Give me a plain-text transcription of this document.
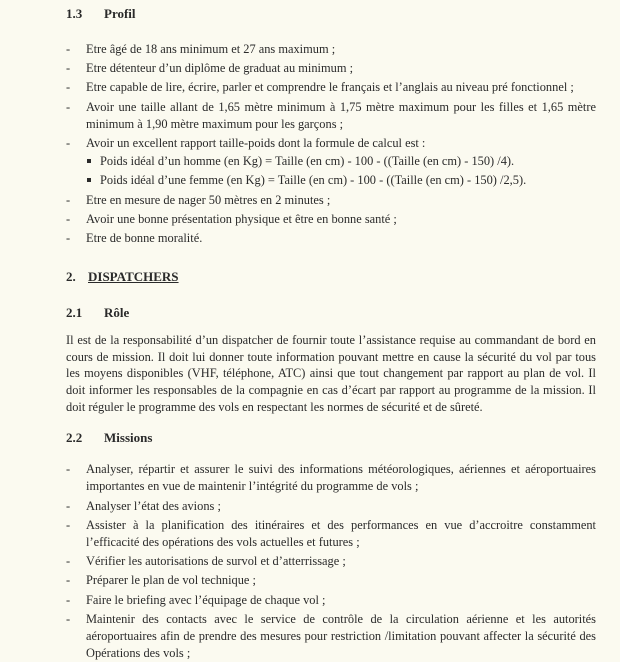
1.3	Profil
- Etre âgé de 18 ans minimum et 27 ans maximum ;
- Etre détenteur d’un diplôme de graduat au minimum ;
- Etre capable de lire, écrire, parler et comprendre le français et l’anglais au niveau pré fonctionnel ;
- Avoir une taille allant de 1,65 mètre minimum à 1,75 mètre maximum pour les filles et 1,65 mètre minimum à 1,90 mètre maximum pour les garçons ;
- Avoir un excellent rapport taille-poids dont la formule de calcul est :
Poids idéal d’un homme (en Kg) = Taille (en cm) - 100 - ((Taille (en cm) - 150) /4).
Poids idéal d’une femme (en Kg) = Taille (en cm) - 100 - ((Taille (en cm) - 150) /2,5).
- Etre en mesure de nager 50 mètres en 2 minutes ;
- Avoir une bonne présentation physique et être en bonne santé ;
- Etre de bonne moralité.
2. DISPATCHERS
2.1	Rôle

Il est de la responsabilité d’un dispatcher de fournir toute l’assistance requise au commandant de bord en cours de mission. Il doit lui donner toute information pouvant mettre en cause la sécurité du vol par tous les moyens disponibles (VHF, téléphone, ATC) ainsi que tout changement par rapport au plan de vol. Il doit informer les responsables de la compagnie en cas d’écart par rapport au programme de la mission. Il doit réguler le programme des vols en respectant les normes de sécurité et de sûreté.

2.2	Missions
- Analyser, répartir et assurer le suivi des informations météorologiques, aériennes et aéroportuaires importantes en vue de maintenir l’intégrité du programme de vols ;
- Analyser l’état des avions ;
- Assister à la planification des itinéraires et des performances en vue d’accroitre constamment l’efficacité des opérations des vols actuelles et futures ;
- Vérifier les autorisations de survol et d’atterrissage ;
- Préparer le plan de vol technique ;
- Faire le briefing avec l’équipage de chaque vol ;
- Maintenir des contacts avec le service de contrôle de la circulation aérienne et les autorités aéroportuaires afin de prendre des mesures pour restriction /limitation pouvant affecter la sécurité des Opérations des vols ;
